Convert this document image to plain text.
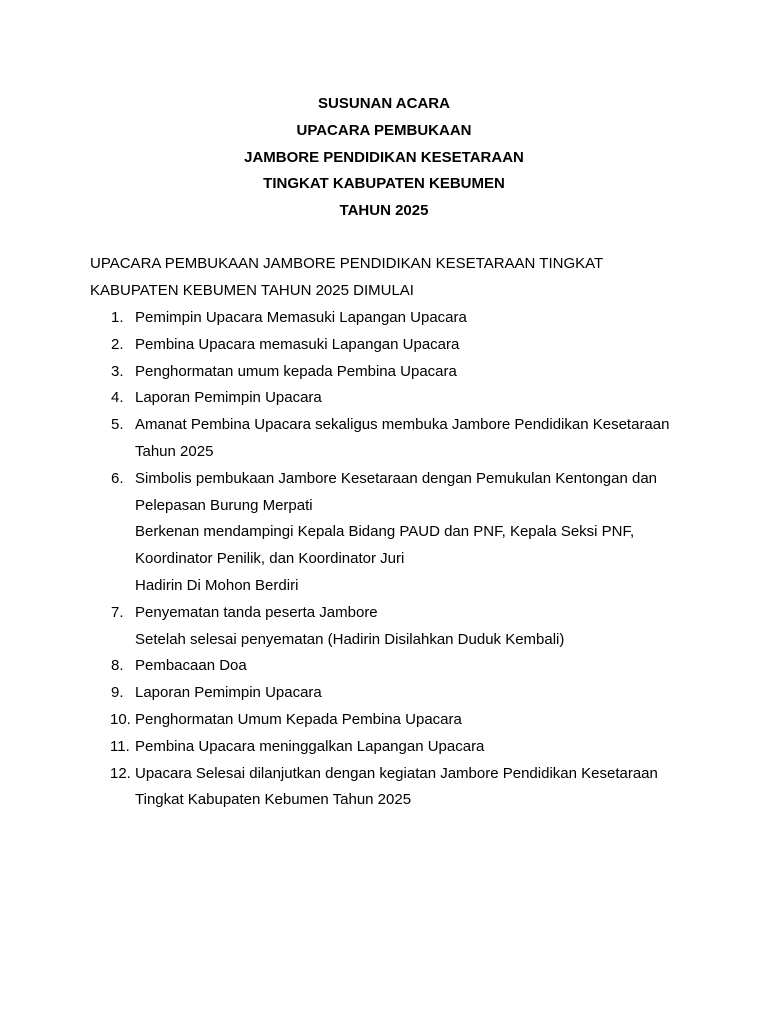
SUSUNAN ACARA
UPACARA PEMBUKAAN
JAMBORE PENDIDIKAN KESETARAAN
TINGKAT KABUPATEN KEBUMEN
TAHUN 2025
UPACARA PEMBUKAAN JAMBORE PENDIDIKAN KESETARAAN TINGKAT
KABUPATEN KEBUMEN TAHUN 2025 DIMULAI
1. Pemimpin Upacara Memasuki Lapangan Upacara
2. Pembina Upacara memasuki Lapangan Upacara
3. Penghormatan umum kepada Pembina Upacara
4. Laporan Pemimpin Upacara
5. Amanat Pembina Upacara sekaligus membuka Jambore Pendidikan Kesetaraan
Tahun 2025
6. Simbolis pembukaan Jambore Kesetaraan dengan Pemukulan Kentongan dan
Pelepasan Burung Merpati
Berkenan mendampingi Kepala Bidang PAUD dan PNF, Kepala Seksi PNF,
Koordinator Penilik, dan Koordinator Juri
Hadirin Di Mohon Berdiri
7. Penyematan tanda peserta Jambore
Setelah selesai penyematan (Hadirin Disilahkan Duduk Kembali)
8. Pembacaan Doa
9. Laporan Pemimpin Upacara
10. Penghormatan Umum Kepada Pembina Upacara
11. Pembina Upacara meninggalkan Lapangan Upacara
12. Upacara Selesai dilanjutkan dengan kegiatan Jambore Pendidikan Kesetaraan
Tingkat Kabupaten Kebumen Tahun 2025
